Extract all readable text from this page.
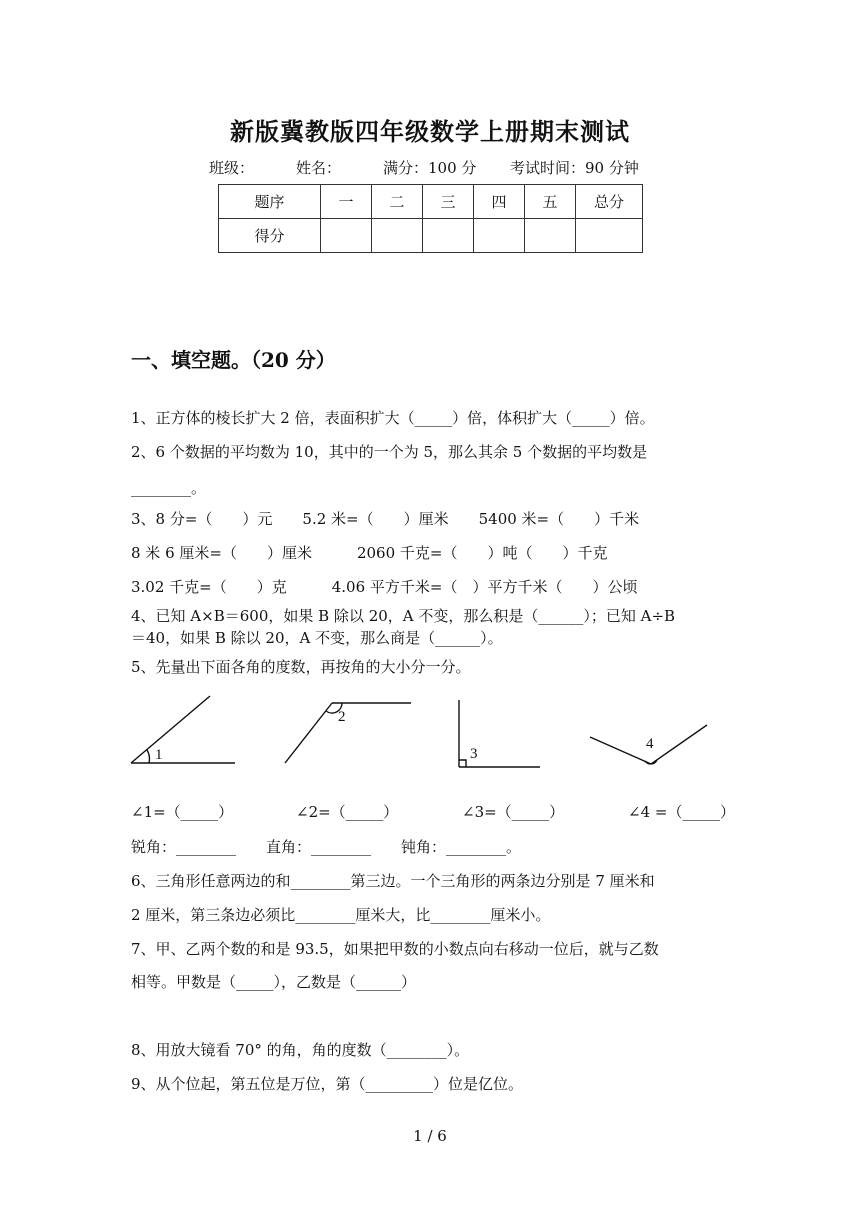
新版冀教版四年级数学上册期末测试
班级：	姓名：	满分：100 分 考试时间：90 分钟
题序	一	二	三	四	五	总分
得分						
一、填空题。（20 分）
1、正方体的棱长扩大 2 倍，表面积扩大（_____）倍，体积扩大（_____）倍。
2、6 个数据的平均数为 10，其中的一个为 5，那么其余 5 个数据的平均数是
________。
3、8 分=（　　）元　　5.2 米=（　　）厘米　　5400 米=（　　）千米
8 米 6 厘米=（　　）厘米　　　2060 千克=（　　）吨（　　）千克
3.02 千克=（　　）克　　　4.06 平方千米=（　）平方千米（　　）公顷
4、已知 A×B＝600，如果 B 除以 20，A 不变，那么积是（______）；已知 A÷B
＝40，如果 B 除以 20，A 不变，那么商是（______）。
5、先量出下面各角的度数，再按角的大小分一分。
1
2
3
4
∠1=（_____）	∠2=（_____）	∠3=（_____）	∠4 =（_____）
锐角：________　　直角：________　　钝角：________。
6、三角形任意两边的和________第三边。一个三角形的两条边分别是 7 厘米和
2 厘米，第三条边必须比________厘米大，比________厘米小。
7、甲、乙两个数的和是 93.5，如果把甲数的小数点向右移动一位后，就与乙数
相等。甲数是（_____），乙数是（______）
8、用放大镜看 70° 的角，角的度数（________）。
9、从个位起，第五位是万位，第（_________）位是亿位。
1 / 6
